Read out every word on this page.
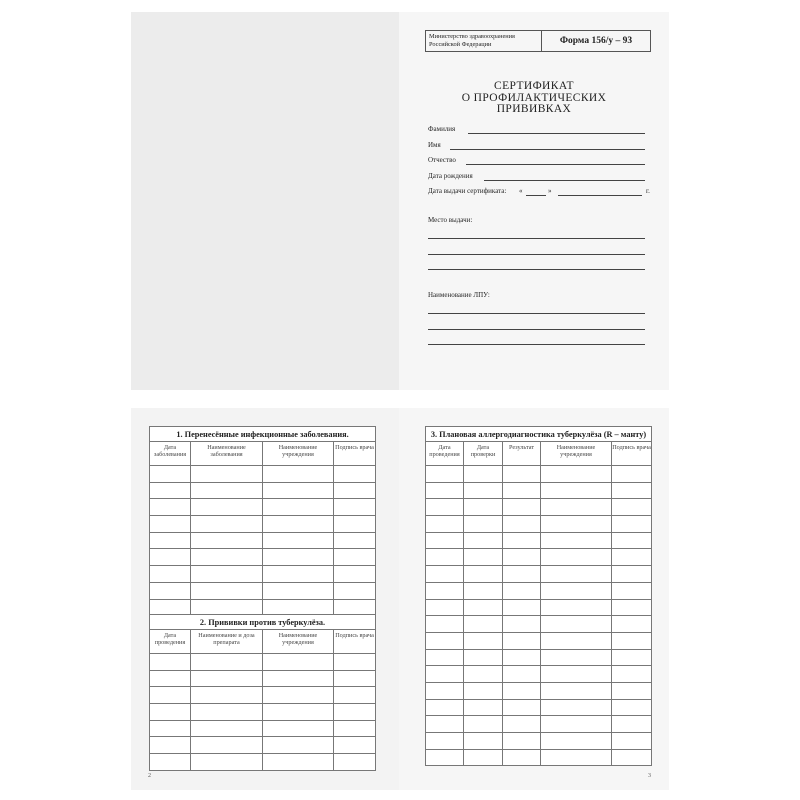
Министерство здравоохранения Российской Федерации	Форма 156/у – 93
СЕРТИФИКАТ
О ПРОФИЛАКТИЧЕСКИХ
ПРИВИВКАХ
Фамилия
Имя
Отчество
Дата рождения
Дата выдачи сертификата: «	»	г.
Место выдачи:
Наименование ЛПУ:
1. Перенесённые инфекционные заболевания.			
Дата заболевания	Наименование заболевания	Наименование учреждения	Подпись врача

2. Прививки против туберкулёза.			
Дата проведения	Наименование и доза препарата	Наименование учреждения	Подпись врача

2
3. Плановая аллергодиагностика туберкулёза (R – манту)				
Дата проведения	Дата проверки	Результат	Наименование учреждения	Подпись врача

3
